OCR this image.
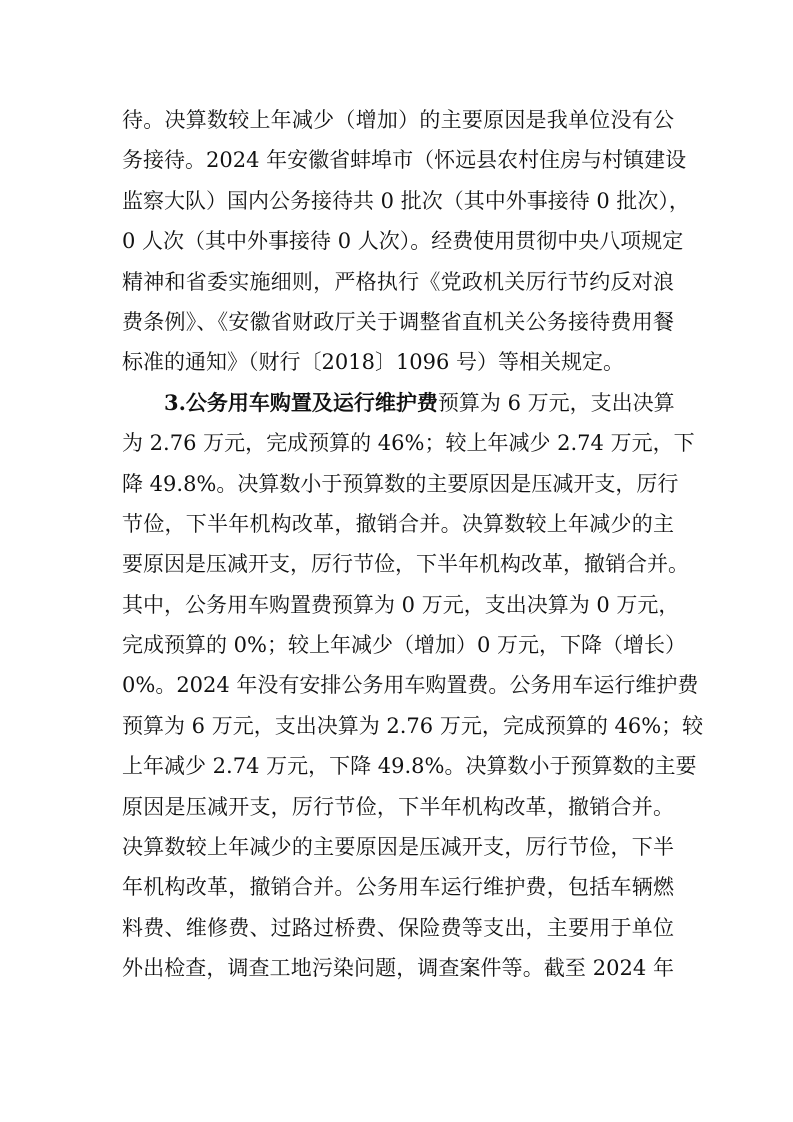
待。决算数较上年减少（增加）的主要原因是我单位没有公
务接待。2024 年安徽省蚌埠市（怀远县农村住房与村镇建设
监察大队）国内公务接待共 0 批次（其中外事接待 0 批次），
0 人次（其中外事接待 0 人次）。经费使用贯彻中央八项规定
精神和省委实施细则，严格执行《党政机关厉行节约反对浪
费条例》、《安徽省财政厅关于调整省直机关公务接待费用餐
标准的通知》（财行〔2018〕1096 号）等相关规定。
3.公务用车购置及运行维护费预算为 6 万元，支出决算
为 2.76 万元，完成预算的 46%；较上年减少 2.74 万元，下
降 49.8%。决算数小于预算数的主要原因是压减开支，厉行
节俭，下半年机构改革，撤销合并。决算数较上年减少的主
要原因是压减开支，厉行节俭，下半年机构改革，撤销合并。
其中，公务用车购置费预算为 0 万元，支出决算为 0 万元，
完成预算的 0%；较上年减少（增加）0 万元，下降（增长）
0%。2024 年没有安排公务用车购置费。公务用车运行维护费
预算为 6 万元，支出决算为 2.76 万元，完成预算的 46%；较
上年减少 2.74 万元，下降 49.8%。决算数小于预算数的主要
原因是压减开支，厉行节俭，下半年机构改革，撤销合并。
决算数较上年减少的主要原因是压减开支，厉行节俭，下半
年机构改革，撤销合并。公务用车运行维护费，包括车辆燃
料费、维修费、过路过桥费、保险费等支出，主要用于单位
外出检查，调查工地污染问题，调查案件等。截至 2024 年
